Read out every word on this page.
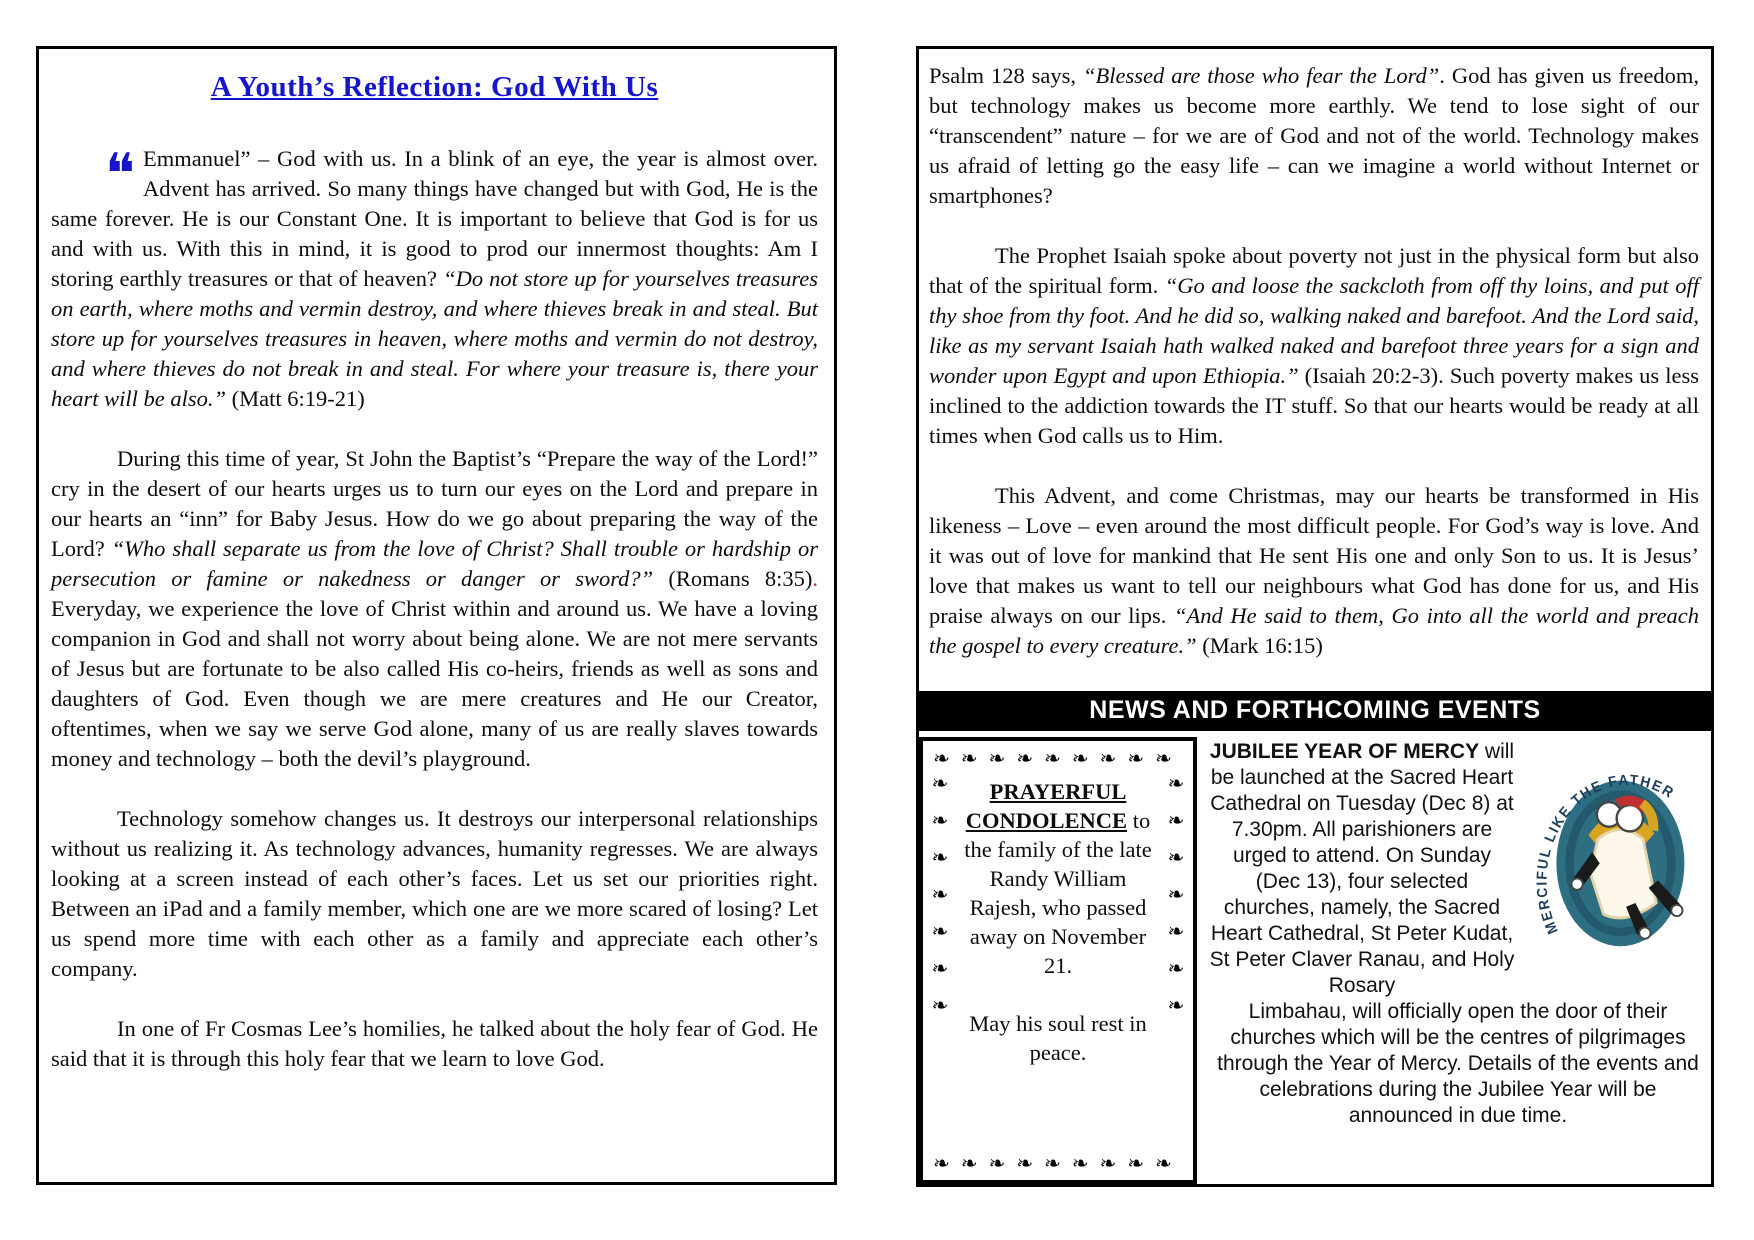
A Youth’s Reflection: God With Us

❝ Emmanuel” – God with us. In a blink of an eye, the year is almost over. Advent has arrived. So many things have changed but with God, He is the same forever. He is our Constant One. It is important to believe that God is for us and with us. With this in mind, it is good to prod our innermost thoughts: Am I storing earthly treasures or that of heaven? “Do not store up for yourselves treasures on earth, where moths and vermin destroy, and where thieves break in and steal. But store up for yourselves treasures in heaven, where moths and vermin do not destroy, and where thieves do not break in and steal. For where your treasure is, there your heart will be also.” (Matt 6:19-21)

During this time of year, St John the Baptist’s “Prepare the way of the Lord!” cry in the desert of our hearts urges us to turn our eyes on the Lord and prepare in our hearts an “inn” for Baby Jesus. How do we go about preparing the way of the Lord? “Who shall separate us from the love of Christ? Shall trouble or hardship or persecution or famine or nakedness or danger or sword?” (Romans 8:35). Everyday, we experience the love of Christ within and around us. We have a loving companion in God and shall not worry about being alone. We are not mere servants of Jesus but are fortunate to be also called His co-heirs, friends as well as sons and daughters of God. Even though we are mere creatures and He our Creator, oftentimes, when we say we serve God alone, many of us are really slaves towards money and technology – both the devil’s playground.

Technology somehow changes us. It destroys our interpersonal relationships without us realizing it. As technology advances, humanity regresses. We are always looking at a screen instead of each other’s faces. Let us set our priorities right. Between an iPad and a family member, which one are we more scared of losing? Let us spend more time with each other as a family and appreciate each other’s company.

In one of Fr Cosmas Lee’s homilies, he talked about the holy fear of God. He said that it is through this holy fear that we learn to love God.

Psalm 128 says, “Blessed are those who fear the Lord”. God has given us freedom, but technology makes us become more earthly. We tend to lose sight of our “transcendent” nature – for we are of God and not of the world. Technology makes us afraid of letting go the easy life – can we imagine a world without Internet or smartphones?

The Prophet Isaiah spoke about poverty not just in the physical form but also that of the spiritual form. “Go and loose the sackcloth from off thy loins, and put off thy shoe from thy foot. And he did so, walking naked and barefoot. And the Lord said, like as my servant Isaiah hath walked naked and barefoot three years for a sign and wonder upon Egypt and upon Ethiopia.” (Isaiah 20:2-3). Such poverty makes us less inclined to the addiction towards the IT stuff. So that our hearts would be ready at all times when God calls us to Him.

This Advent, and come Christmas, may our hearts be transformed in His likeness – Love – even around the most difficult people. For God’s way is love. And it was out of love for mankind that He sent His one and only Son to us. It is Jesus’ love that makes us want to tell our neighbours what God has done for us, and His praise always on our lips. “And He said to them, Go into all the world and preach the gospel to every creature.” (Mark 16:15)

NEWS AND FORTHCOMING EVENTS
❧❧❧❧❧❧❧❧❧
❧❧❧❧❧❧❧❧❧
❧❧❧❧❧❧❧	❧❧❧❧❧❧❧
PRAYERFUL CONDOLENCE to the family of the late Randy William Rajesh, who passed away on November 21.
May his soul rest in peace.
JUBILEE YEAR OF MERCY will be launched at the Sacred Heart Cathedral on Tuesday (Dec 8) at 7.30pm. All parishioners are urged to attend. On Sunday (Dec 13), four selected churches, namely, the Sacred Heart Cathedral, St Peter Kudat, St Peter Claver Ranau, and Holy Rosary
MERCIFUL LIKE THE FATHER
Limbahau, will officially open the door of their churches which will be the centres of pilgrimages through the Year of Mercy. Details of the events and celebrations during the Jubilee Year will be announced in due time.
